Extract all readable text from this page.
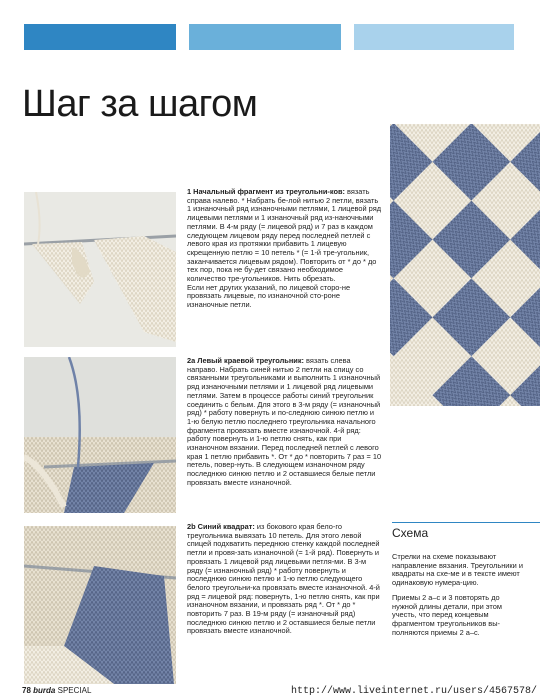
Шаг за шагом
1 Начальный фрагмент из треугольни-ков: вязать справа налево. * Набрать бе-лой нитью 2 петли, вязать 1 изнаночный ряд изнаночными петлями, 1 лицевой ряд лицевыми петлями и 1 изнаночный ряд из-наночными петлями. В 4-м ряду (= лицевой ряд) и 7 раз в каждом следующем лицевом ряду перед последней петлей с левого края из протяжки прибавить 1 лицевую скрещенную петлю = 10 петель * (= 1-й тре-угольник, заканчивается лицевым рядом). Повторить от * до * до тех пор, пока не бу-дет связано необходимое количество тре-угольников. Нить обрезать.
Если нет других указаний, по лицевой сторо-не провязать лицевые, по изнаночной сто-роне изнаночные петли.
2a Левый краевой треугольник: вязать слева направо. Набрать синей нитью 2 петли на спицу со связанными треугольниками и выполнить 1 изнаночный ряд изнаночными петлями и 1 лицевой ряд лицевыми петлями. Затем в процессе работы синий треугольник соединить с белым. Для этого в 3-м ряду (= изнаночный ряд) * работу повернуть и по-следнюю синюю петлю и 1-ю белую петлю последнего треугольника начального фрагмента провязать вместе изнаночной. 4-й ряд: работу повернуть и 1-ю петлю снять, как при изнаночном вязании. Перед последней петлей с левого края 1 петлю прибавить *. От * до * повторить 7 раз = 10 петель, повер-нуть. В следующем изнаночном ряду последнюю синюю петлю и 2 оставшиеся белые петли провязать вместе изнаночной.
2b Синий квадрат: из бокового края бело-го треугольника вывязать 10 петель. Для этого левой спицей подхватить переднюю стенку каждой последней петли и провя-зать изнаночной (= 1-й ряд). Повернуть и провязать 1 лицевой ряд лицевыми петля-ми. В 3-м ряду (= изнаночный ряд) * работу повернуть и последнюю синюю петлю и 1-ю петлю следующего белого треугольни-ка провязать вместе изнаночной. 4-й ряд = лицевой ряд: повернуть, 1-ю петлю снять, как при изнаночном вязании, и провязать ряд *. От * до * повторить 7 раз. В 19-м ряду (= изнаночный ряд) последнюю синюю петлю и 2 оставшиеся белые петли провязать вместе изнаночной.
Схема
Стрелки на схеме показывают направление вязания. Треугольники и квадраты на схе-ме и в тексте имеют одинаковую нумера-цию.
Приемы 2 а–с и 3 повторять до нужной длины детали, при этом учесть, что перед концевым фрагментом треугольников вы-полняются приемы 2 а–с.
78 burda SPECIAL	http://www.liveinternet.ru/users/4567578/
